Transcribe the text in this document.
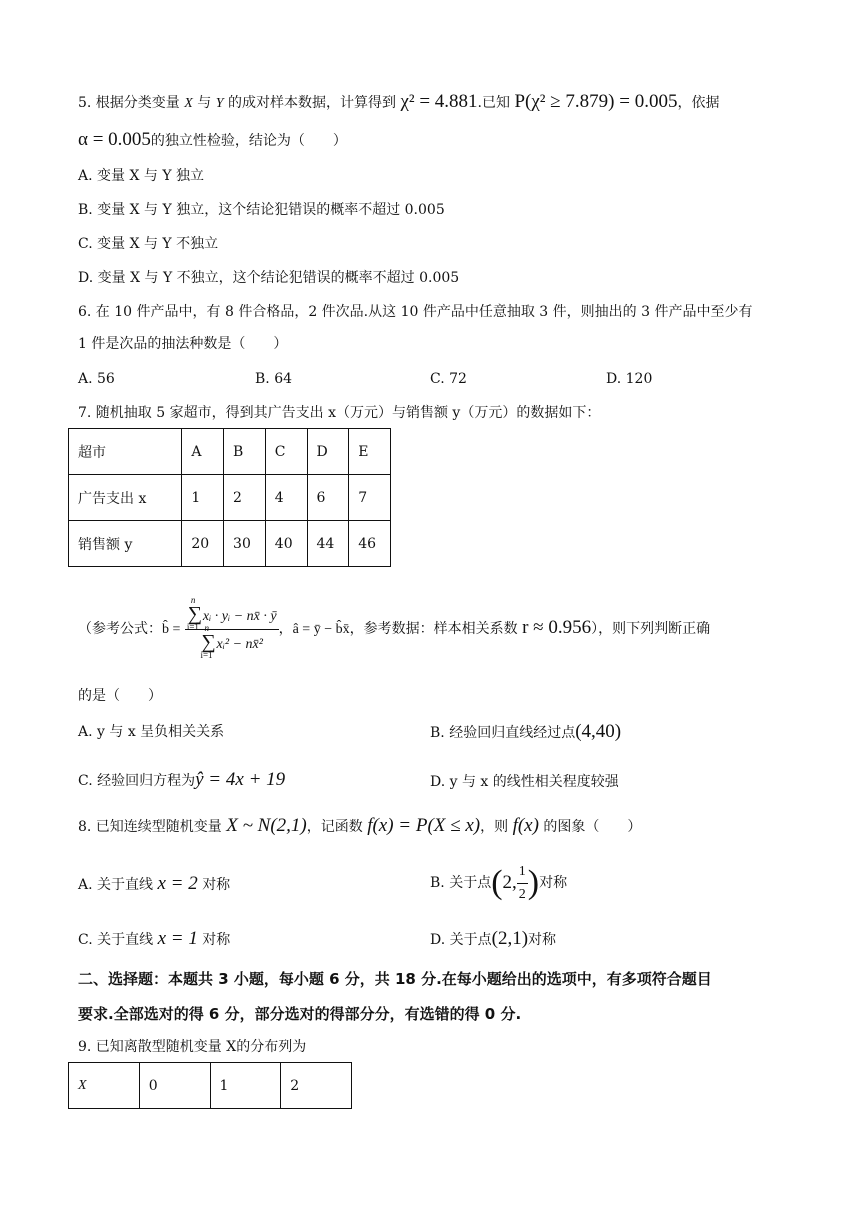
5. 根据分类变量 X 与 Y 的成对样本数据，计算得到 χ² = 4.881.已知 P(χ² ≥ 7.879) = 0.005，依据
α = 0.005的独立性检验，结论为（　　）
A. 变量 X 与 Y 独立
B. 变量 X 与 Y 独立，这个结论犯错误的概率不超过 0.005
C. 变量 X 与 Y 不独立
D. 变量 X 与 Y 不独立，这个结论犯错误的概率不超过 0.005
6. 在 10 件产品中，有 8 件合格品，2 件次品.从这 10 件产品中任意抽取 3 件，则抽出的 3 件产品中至少有
1 件是次品的抽法种数是（　　）
A. 56	B. 64	C. 72	D. 120
7. 随机抽取 5 家超市，得到其广告支出 x（万元）与销售额 y（万元）的数据如下：
超市	A	B	C	D	E
广告支出 x	1	2	4	6	7
销售额 y	20	30	40	44	46
（参考公式：b̂ = ∑
n
i=1
xᵢ · yᵢ − nx̄ · ȳ
∑
n
i=1
xᵢ² − nx̄² ，â = ȳ − b̂x̄，参考数据：样本相关系数 r ≈ 0.956），则下列判断正确
的是（　　）
A. y 与 x 呈负相关关系	B. 经验回归直线经过点(4,40)
C. 经验回归方程为ŷ = 4x + 19	D. y 与 x 的线性相关程度较强
8. 已知连续型随机变量 X ~ N(2,1)，记函数 f(x) = P(X ≤ x)，则 f(x) 的图象（　　）
A. 关于直线 x = 2 对称	B. 关于点(2, $\frac{1}{2}$ )对称
C. 关于直线 x = 1 对称	D. 关于点(2,1)对称
二、选择题：本题共 3 小题，每小题 6 分，共 18 分.在每小题给出的选项中，有多项符合题目
要求.全部选对的得 6 分，部分选对的得部分分，有选错的得 0 分.
9. 已知离散型随机变量 X的分布列为
X	0	1	2
